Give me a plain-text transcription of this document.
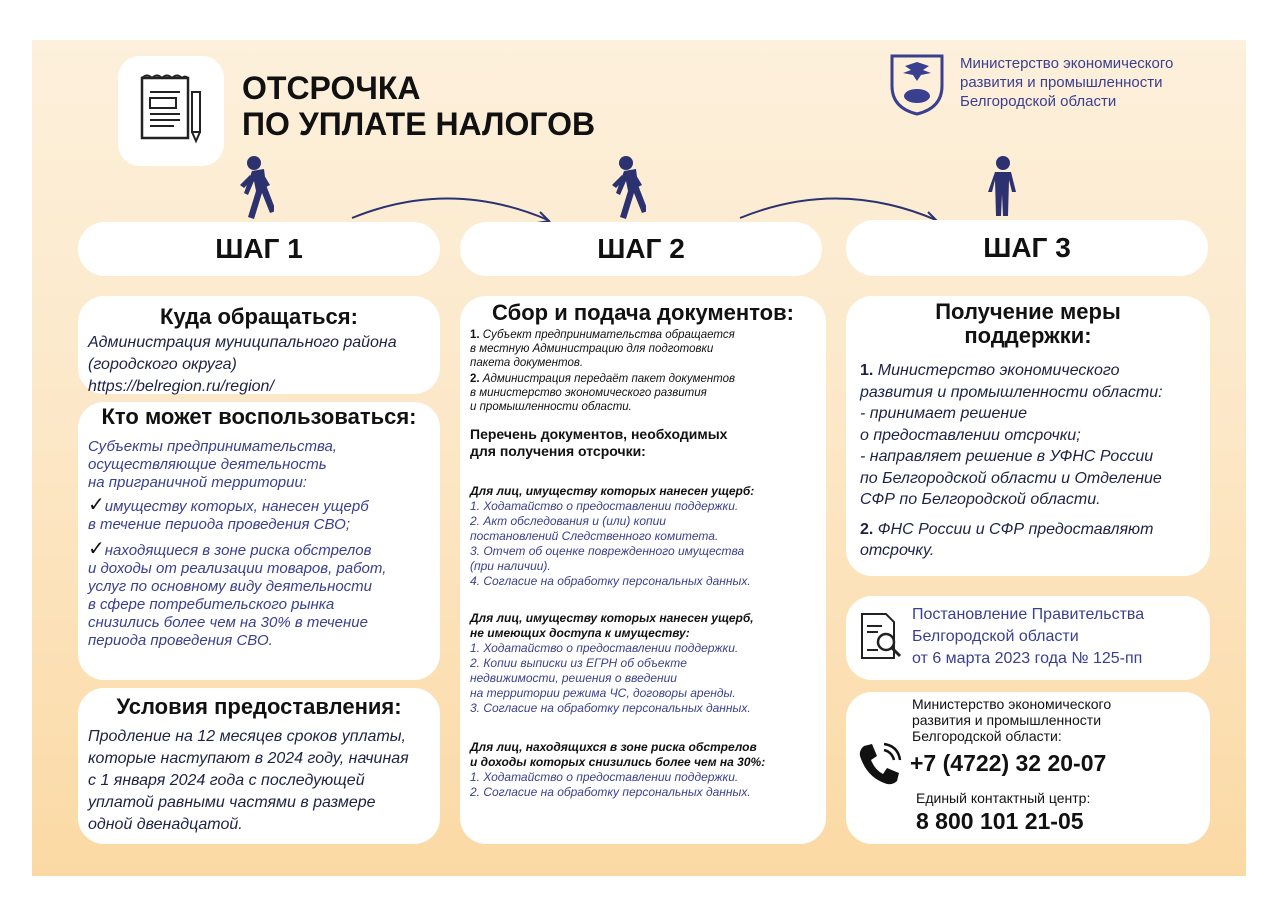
ОТСРОЧКА
ПО УПЛАТЕ НАЛОГОВ
Министерство экономического
развития и промышленности
Белгородской области
ШАГ 1	ШАГ 2	ШАГ 3
Куда обращаться:
Администрация муниципального района
(городского округа)
https://belregion.ru/region/
Кто может воспользоваться:
Субъекты предпринимательства,
осуществляющие деятельность
на приграничной территории:
✓имуществу которых, нанесен ущерб
в течение периода проведения СВО;
✓находящиеся в зоне риска обстрелов
и доходы от реализации товаров, работ,
услуг по основному виду деятельности
в сфере потребительского рынка
снизились более чем на 30% в течение
периода проведения СВО.
Условия предоставления:
Продление на 12 месяцев сроков уплаты,
которые наступают в 2024 году, начиная
с 1 января 2024 года с последующей
уплатой равными частями в размере
одной двенадцатой.
Сбор и подача документов:
1. Субъект предпринимательства обращается
в местную Администрацию для подготовки
пакета документов.
2. Администрация передаёт пакет документов
в министерство экономического развития
и промышленности области.
Перечень документов, необходимых
для получения отсрочки:
Для лиц, имуществу которых нанесен ущерб:
1. Ходатайство о предоставлении поддержки.
2. Акт обследования и (или) копии
постановлений Следственного комитета.
3. Отчет об оценке поврежденного имущества
(при наличии).
4. Согласие на обработку персональных данных.
Для лиц, имуществу которых нанесен ущерб,
не имеющих доступа к имуществу:
1. Ходатайство о предоставлении поддержки.
2. Копии выписки из ЕГРН об объекте
недвижимости, решения о введении
на территории режима ЧС, договоры аренды.
3. Согласие на обработку персональных данных.
Для лиц, находящихся в зоне риска обстрелов
и доходы которых снизились более чем на 30%:
1. Ходатайство о предоставлении поддержки.
2. Согласие на обработку персональных данных.
Получение меры
поддержки:
1. Министерство экономического
развития и промышленности области:
- принимает решение
о предоставлении отсрочки;
- направляет решение в УФНС России
по Белгородской области и Отделение
СФР по Белгородской области.
2. ФНС России и СФР предоставляют
отсрочку.
Постановление Правительства
Белгородской области
от 6 марта 2023 года № 125-пп
Министерство экономического
развития и промышленности
Белгородской области:
+7 (4722) 32 20-07
Единый контактный центр:
8 800 101 21-05
